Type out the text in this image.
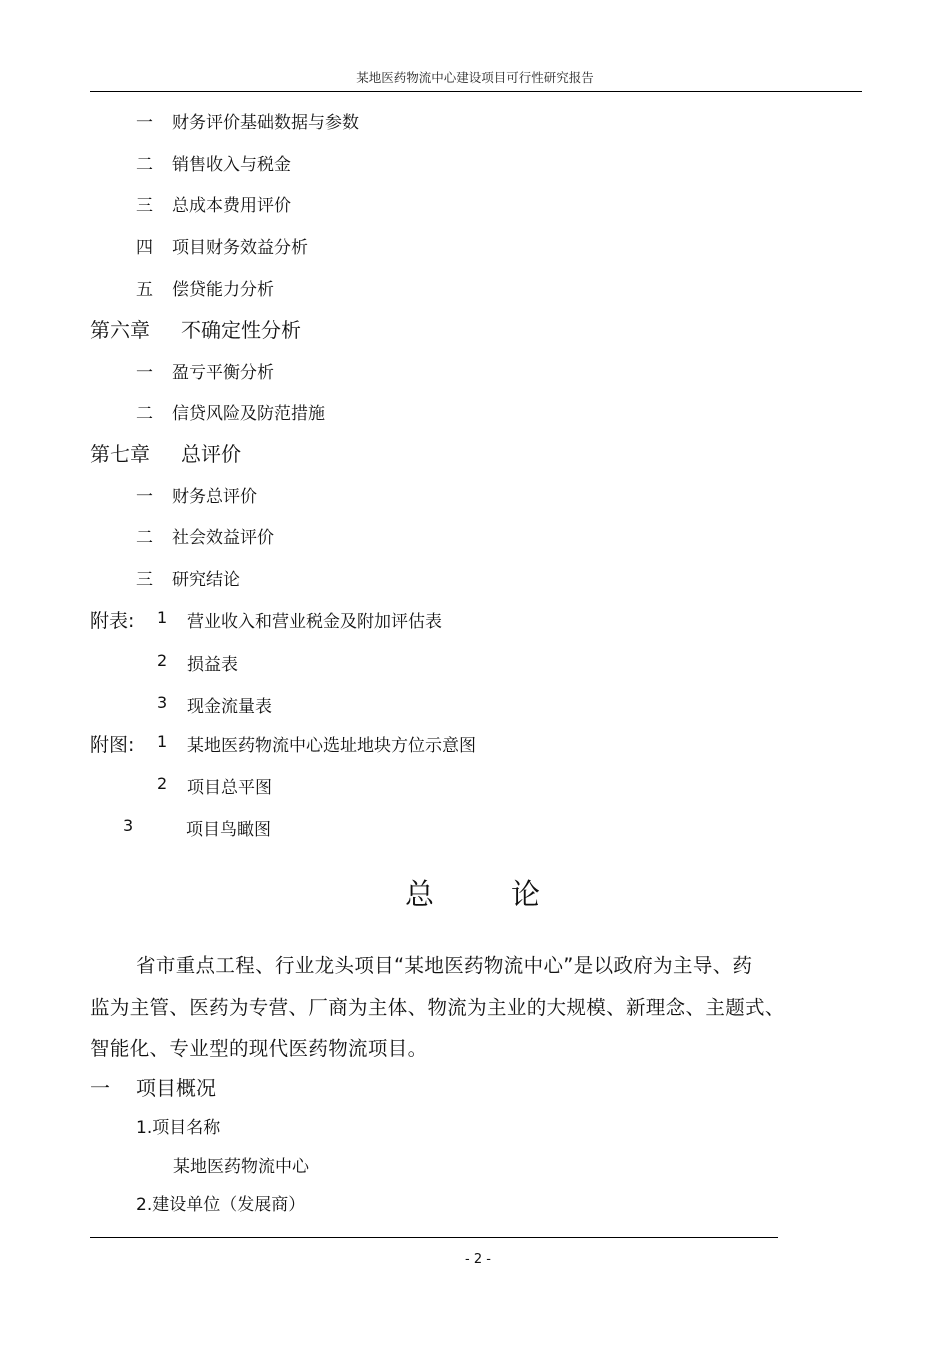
某地医药物流中心建设项目可行性研究报告
一 财务评价基础数据与参数
二 销售收入与税金
三 总成本费用评价
四 项目财务效益分析
五 偿贷能力分析
第六章 不确定性分析
一 盈亏平衡分析
二 信贷风险及防范措施
第七章 总评价
一 财务总评价
二 社会效益评价
三 研究结论
附表: 1 营业收入和营业税金及附加评估表
2 损益表
3 现金流量表
附图: 1 某地医药物流中心选址地块方位示意图
2 项目总平图
3	项目鸟瞰图
总	论
省市重点工程、行业龙头项目“某地医药物流中心”是以政府为主导、药
监为主管、医药为专营、厂商为主体、物流为主业的大规模、新理念、主题式、
智能化、专业型的现代医药物流项目。
一 项目概况
1.项目名称
某地医药物流中心
2.建设单位（发展商）
- 2 -
